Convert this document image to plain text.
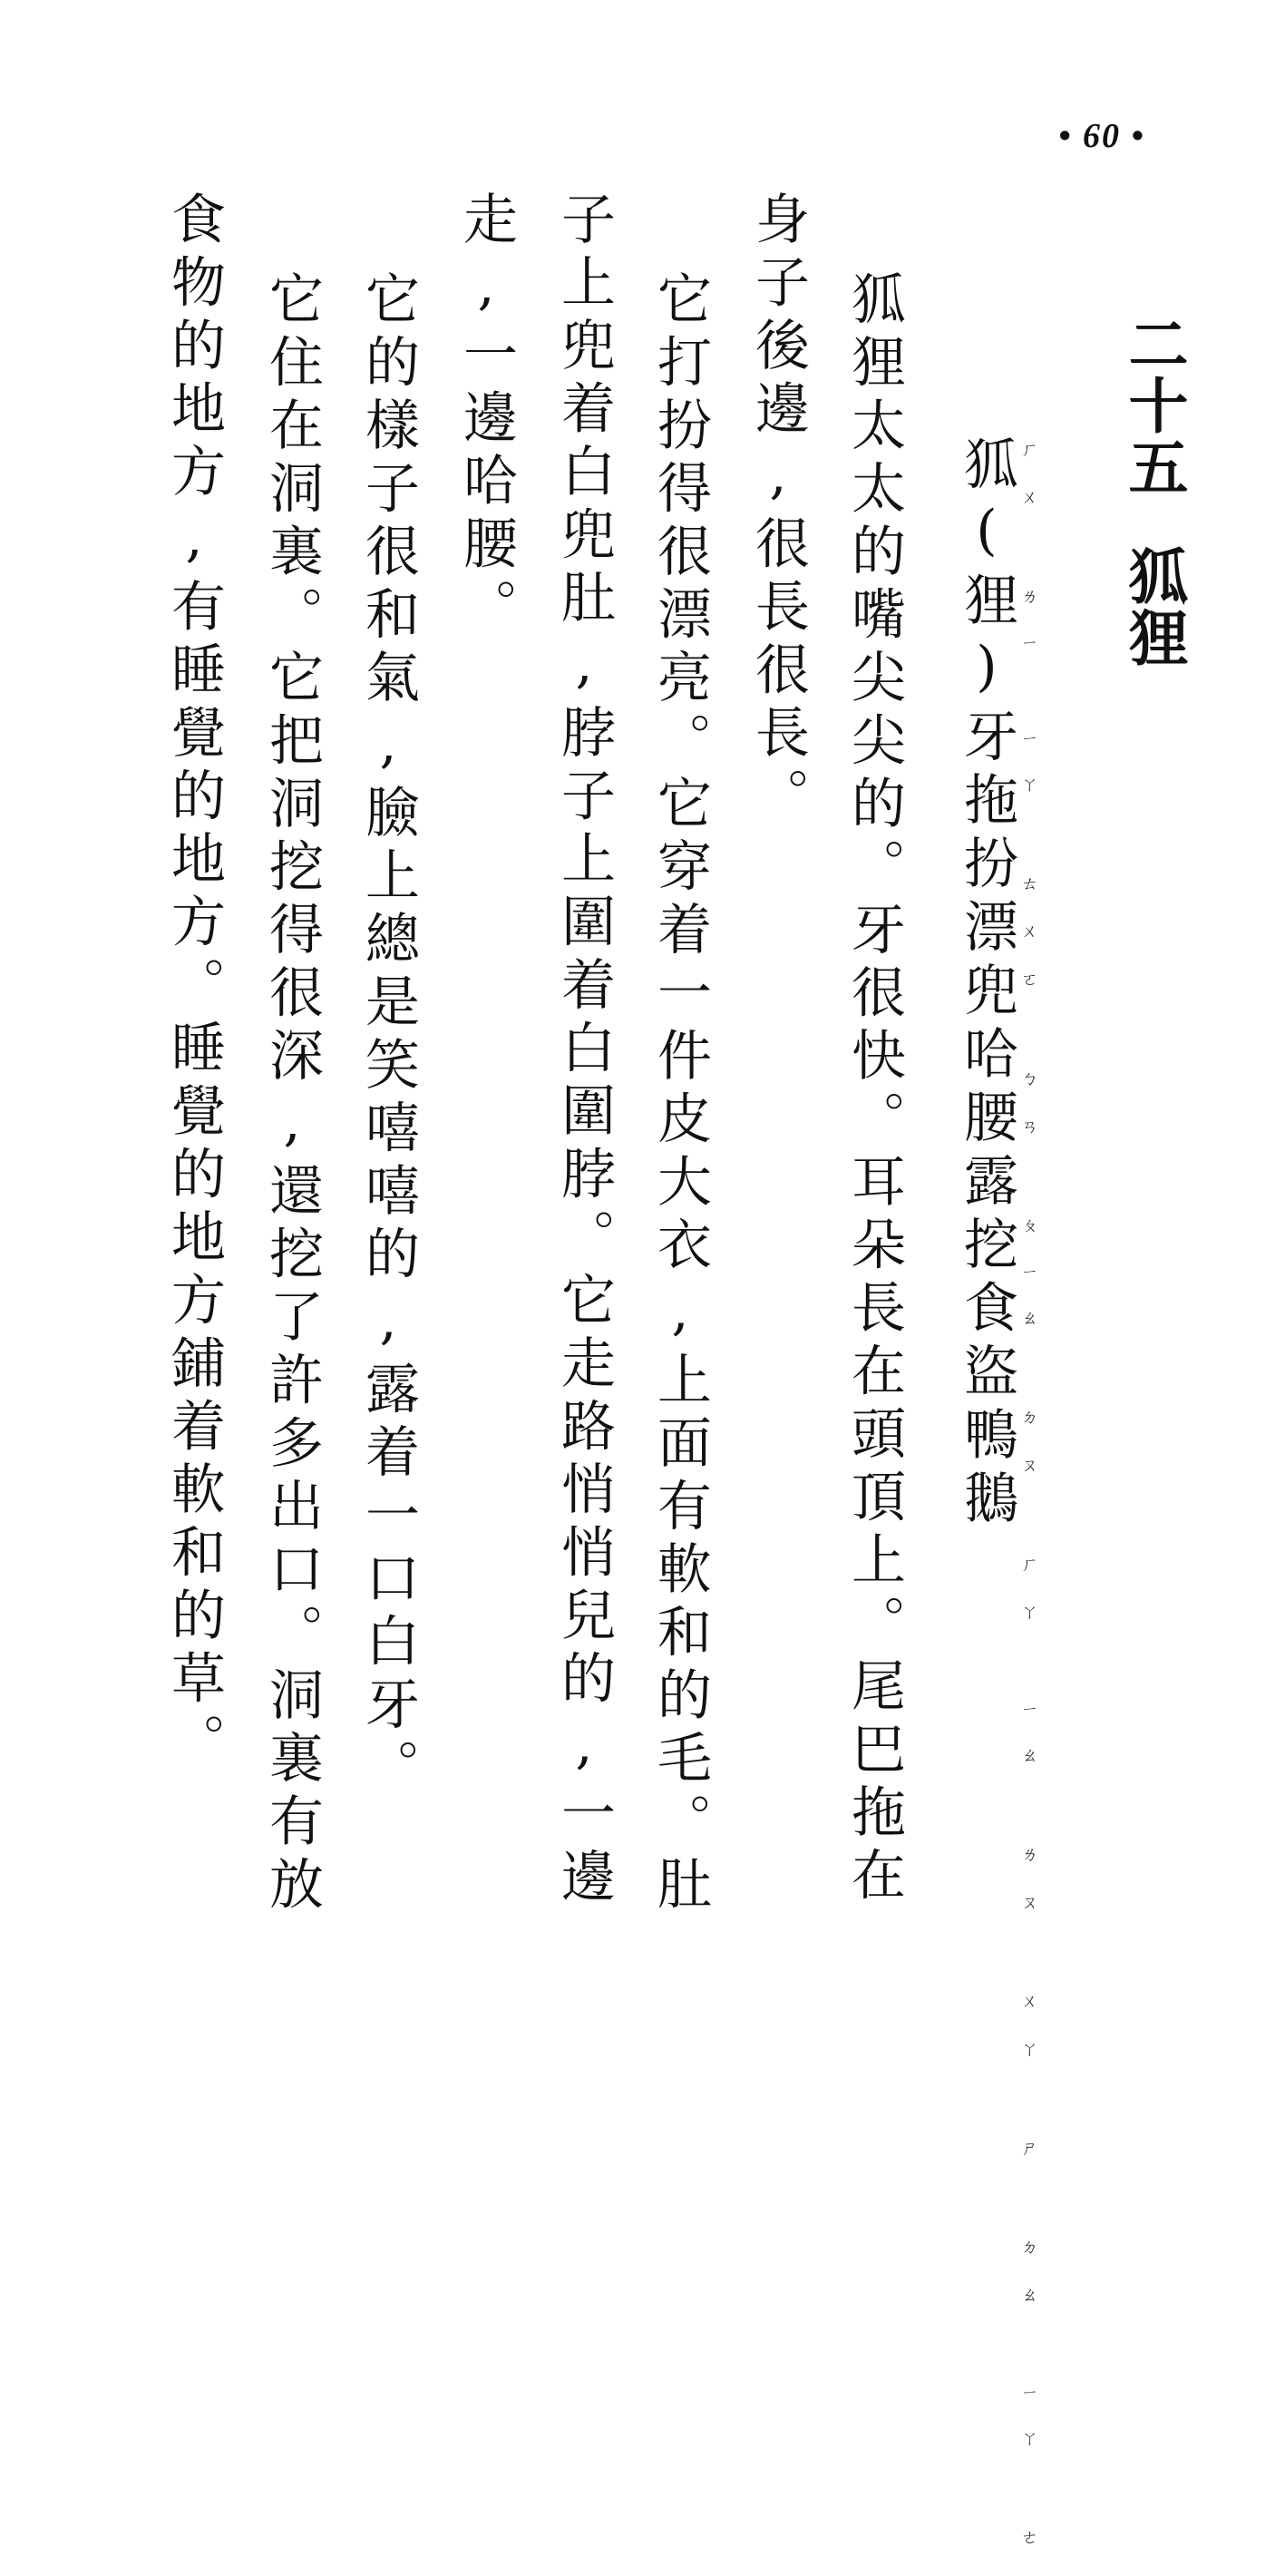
• 60 •
二十五狐狸
ㄏㄨ ㄌㄧ ㄧㄚ ㄊㄨㄛ ㄅㄢ ㄆㄧㄠ ㄉㄡ ㄏㄚ ㄧㄠ ㄌㄡ ㄨㄚ ㄕ ㄉㄠ ㄧㄚ ㄜ
狐(狸)牙拖扮漂兜哈腰露挖食盜鴨鵝
狐狸太太的嘴尖尖的。牙很快。耳朵長在頭頂上。尾巴拖在
身子後邊,很長很長。
它打扮得很漂亮。它穿着一件皮大衣,上面有軟和的毛。肚
子上兜着白兜肚,脖子上圍着白圍脖。它走路悄悄兒的,一邊
走,一邊哈腰。
它的樣子很和氣,臉上總是笑嘻嘻的,露着一口白牙。
它住在洞裏。它把洞挖得很深,還挖了許多出口。洞裏有放
食物的地方,有睡覺的地方。睡覺的地方鋪着軟和的草。
